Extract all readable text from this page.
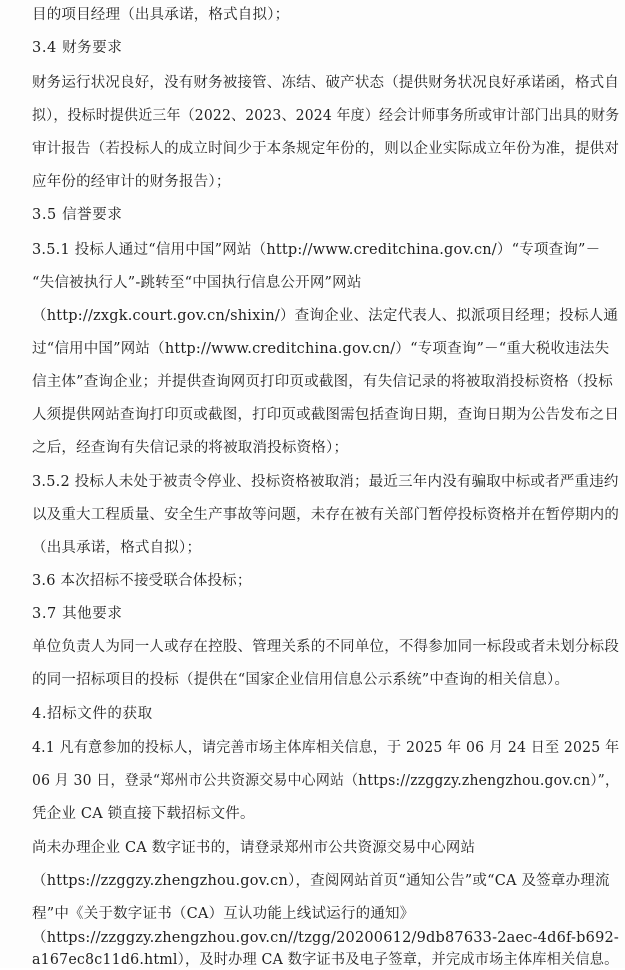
目的项目经理（出具承诺，格式自拟）；
3.4 财务要求
财务运行状况良好，没有财务被接管、冻结、破产状态（提供财务状况良好承诺函，格式自
拟），投标时提供近三年（2022、2023、2024 年度）经会计师事务所或审计部门出具的财务
审计报告（若投标人的成立时间少于本条规定年份的，则以企业实际成立年份为准，提供对
应年份的经审计的财务报告）；
3.5 信誉要求
3.5.1 投标人通过“信用中国”网站（http://www.creditchina.gov.cn/）“专项查询”－
“失信被执行人”-跳转至“中国执行信息公开网”网站
（http://zxgk.court.gov.cn/shixin/）查询企业、法定代表人、拟派项目经理；投标人通
过“信用中国”网站（http://www.creditchina.gov.cn/）“专项查询”－“重大税收违法失
信主体”查询企业；并提供查询网页打印页或截图，有失信记录的将被取消投标资格（投标
人须提供网站查询打印页或截图，打印页或截图需包括查询日期，查询日期为公告发布之日
之后，经查询有失信记录的将被取消投标资格）；
3.5.2 投标人未处于被责令停业、投标资格被取消；最近三年内没有骗取中标或者严重违约
以及重大工程质量、安全生产事故等问题，未存在被有关部门暂停投标资格并在暂停期内的
（出具承诺，格式自拟）；
3.6 本次招标不接受联合体投标；
3.7 其他要求
单位负责人为同一人或存在控股、管理关系的不同单位，不得参加同一标段或者未划分标段
的同一招标项目的投标（提供在“国家企业信用信息公示系统”中查询的相关信息）。
4.招标文件的获取
4.1 凡有意参加的投标人，请完善市场主体库相关信息，于 2025 年 06 月 24 日至 2025 年
06 月 30 日，登录“郑州市公共资源交易中心网站（https://zzggzy.zhengzhou.gov.cn）”，
凭企业 CA 锁直接下载招标文件。
尚未办理企业 CA 数字证书的，请登录郑州市公共资源交易中心网站
（https://zzggzy.zhengzhou.gov.cn），查阅网站首页“通知公告”或“CA 及签章办理流
程”中《关于数字证书（CA）互认功能上线试运行的通知》
（https://zzggzy.zhengzhou.gov.cn//tzgg/20200612/9db87633-2aec-4d6f-b692-
a167ec8c11d6.html），及时办理 CA 数字证书及电子签章，并完成市场主体库相关信息。
